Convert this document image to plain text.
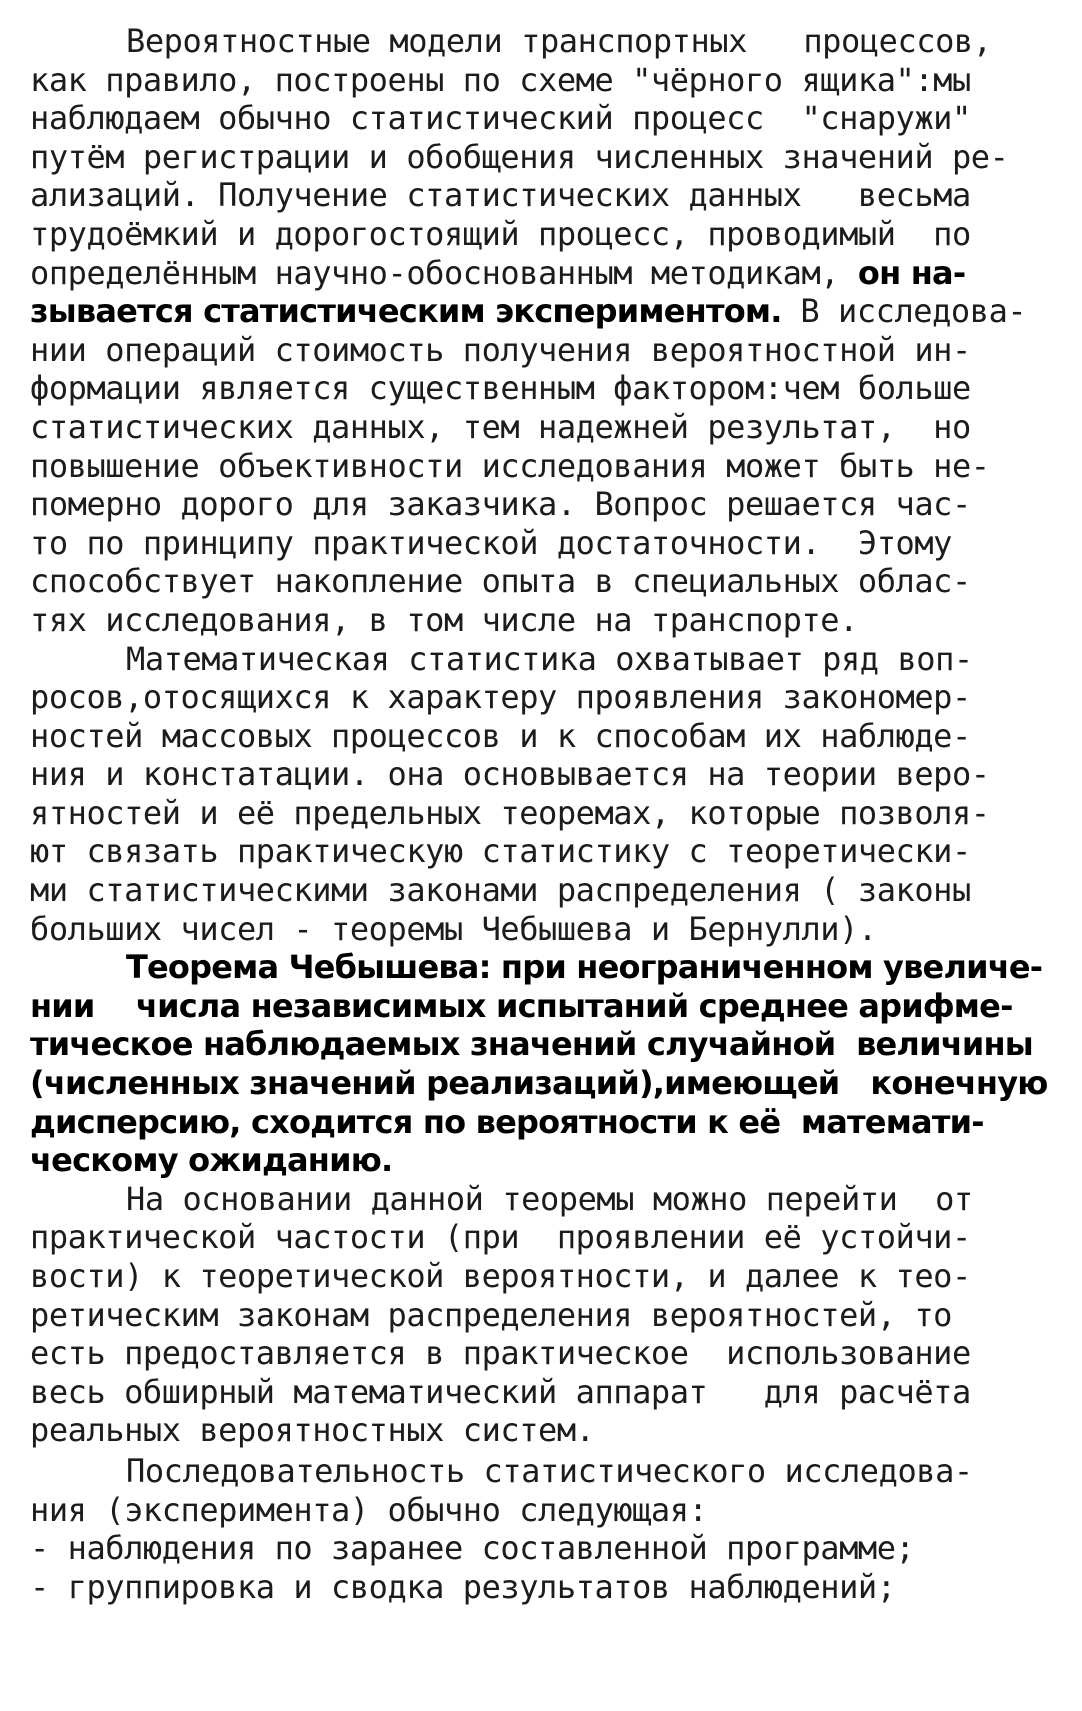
Вероятностные модели транспортных   процессов,
как правило, построены по схеме "чёрного ящика":мы
наблюдаем обычно статистический процесс  "снаружи"
путём регистрации и обобщения численных значений ре-
ализаций. Получение статистических данных   весьма
трудоёмкий и дорогостоящий процесс, проводимый  по
определённым научно-обоснованным методикам, он на-
зывается статистическим экспериментом. В исследова-
нии операций стоимость получения вероятностной ин-
формации является существенным фактором:чем больше
статистических данных, тем надежней результат,  но
повышение объективности исследования может быть не-
померно дорого для заказчика. Вопрос решается час-
то по принципу практической достаточности.  Этому
способствует накопление опыта в специальных облас-
тях исследования, в том числе на транспорте.
Математическая статистика охватывает ряд воп-
росов,отосящихся к характеру проявления закономер-
ностей массовых процессов и к способам их наблюде-
ния и констатации. она основывается на теории веро-
ятностей и её предельных теоремах, которые позволя-
ют связать практическую статистику с теоретически-
ми статистическими законами распределения ( законы
больших чисел - теоремы Чебышева и Бернулли).
Теорема Чебышева: при неограниченном увеличе-
нии    числа независимых испытаний среднее арифме-
тическое наблюдаемых значений случайной  величины
(численных значений реализаций),имеющей   конечную
дисперсию, сходится по вероятности к её  математи-
ческому ожиданию.
На основании данной теоремы можно перейти  от
практической частости (при  проявлении её устойчи-
вости) к теоретической вероятности, и далее к тео-
ретическим законам распределения вероятностей, то
есть предоставляется в практическое  использование
весь обширный математический аппарат   для расчёта
реальных вероятностных систем.
Последовательность статистического исследова-
ния (эксперимента) обычно следующая:
- наблюдения по заранее составленной программе;
- группировка и сводка результатов наблюдений;
